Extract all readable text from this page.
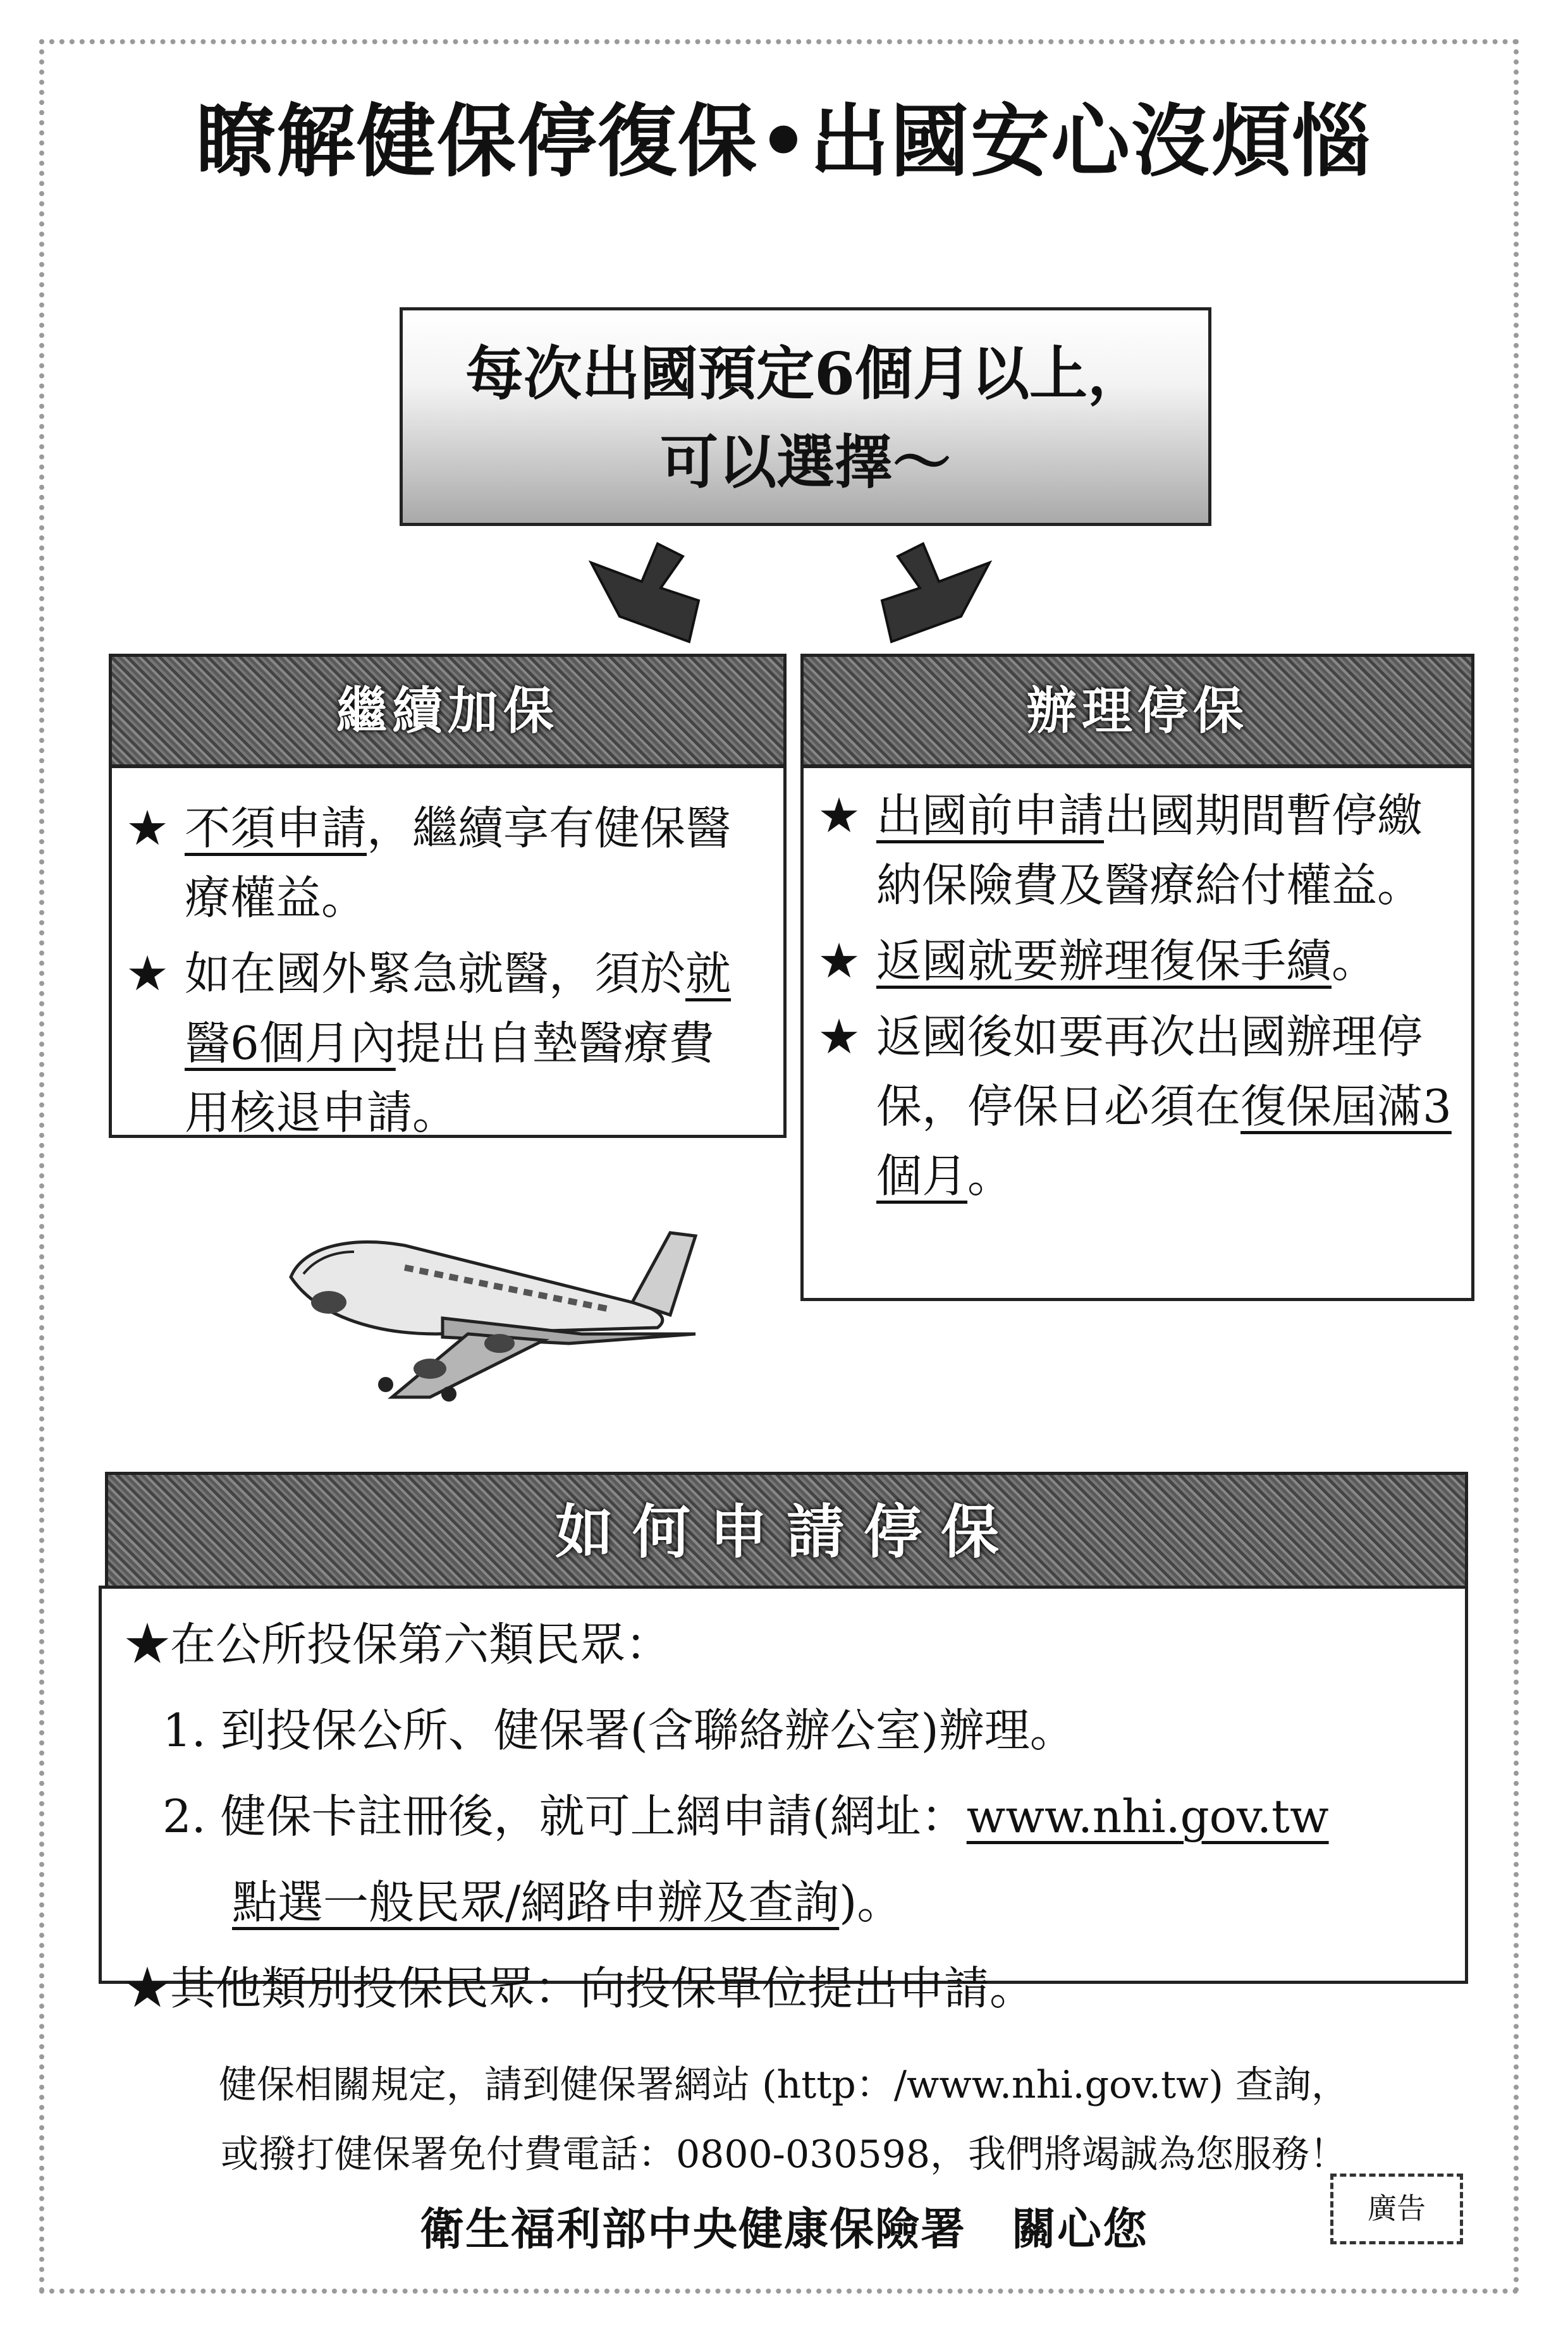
瞭解健保停復保•出國安心沒煩惱
每次出國預定6個月以上，
可以選擇～
繼續加保
★ 不須申請，繼續享有健保醫療權益。
★ 如在國外緊急就醫，須於就醫6個月內提出自墊醫療費用核退申請。
辦理停保
★ 出國前申請出國期間暫停繳納保險費及醫療給付權益。
★ 返國就要辦理復保手續。
★ 返國後如要再次出國辦理停保，停保日必須在復保屆滿3個月。
如何申請停保
★在公所投保第六類民眾：
1. 到投保公所、健保署(含聯絡辦公室)辦理。
2. 健保卡註冊後，就可上網申請(網址：www.nhi.gov.tw
點選一般民眾/網路申辦及查詢)。
★其他類別投保民眾：向投保單位提出申請。
健保相關規定，請到健保署網站 (http：/www.nhi.gov.tw) 查詢，
或撥打健保署免付費電話：0800-030598，我們將竭誠為您服務！
衛生福利部中央健康保險署　關心您	廣告
